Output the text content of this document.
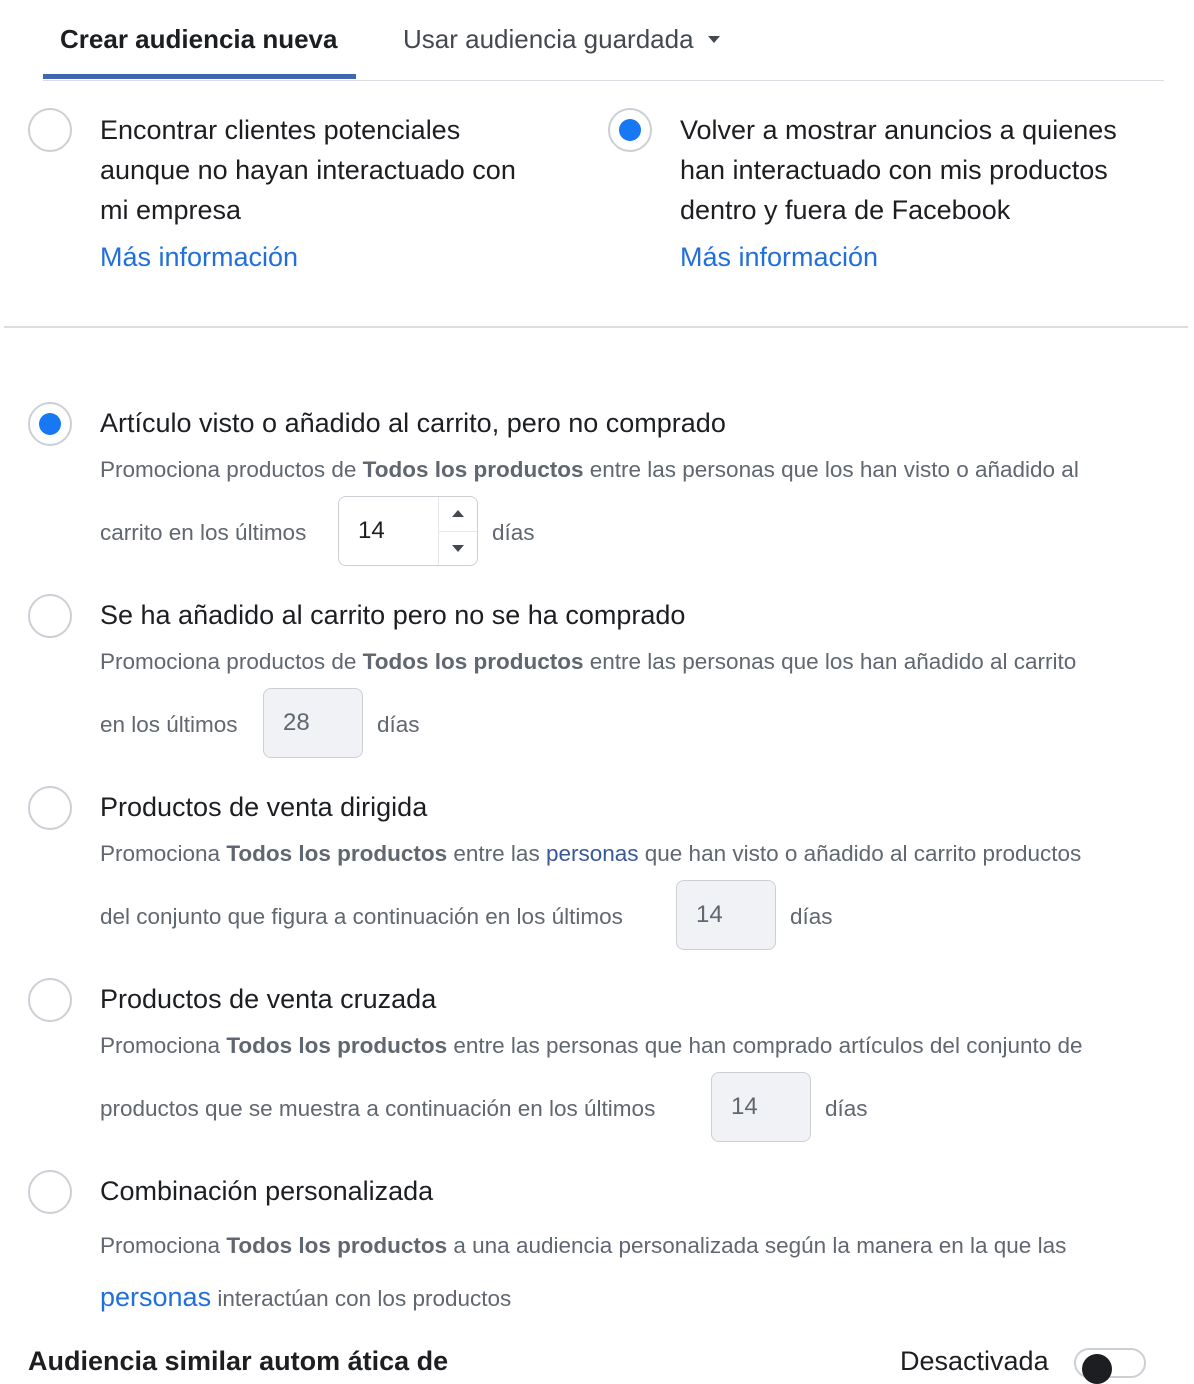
Crear audiencia nueva	Usar audiencia guardada
Encontrar clientes potenciales
aunque no hayan interactuado con
mi empresa
Más información
Volver a mostrar anuncios a quienes
han interactuado con mis productos
dentro y fuera de Facebook
Más información
Artículo visto o añadido al carrito, pero no comprado
Promociona productos de Todos los productos entre las personas que los han visto o añadido al
carrito en los últimos 14	días
Se ha añadido al carrito pero no se ha comprado
Promociona productos de Todos los productos entre las personas que los han añadido al carrito
en los últimos 28	días
Productos de venta dirigida
Promociona Todos los productos entre las personas que han visto o añadido al carrito productos
del conjunto que figura a continuación en los últimos	14	días
Productos de venta cruzada
Promociona Todos los productos entre las personas que han comprado artículos del conjunto de
productos que se muestra a continuación en los últimos	14	días
Combinación personalizada
Promociona Todos los productos a una audiencia personalizada según la manera en la que las
personas interactúan con los productos
Audiencia similar autom ática de	Desactivada
